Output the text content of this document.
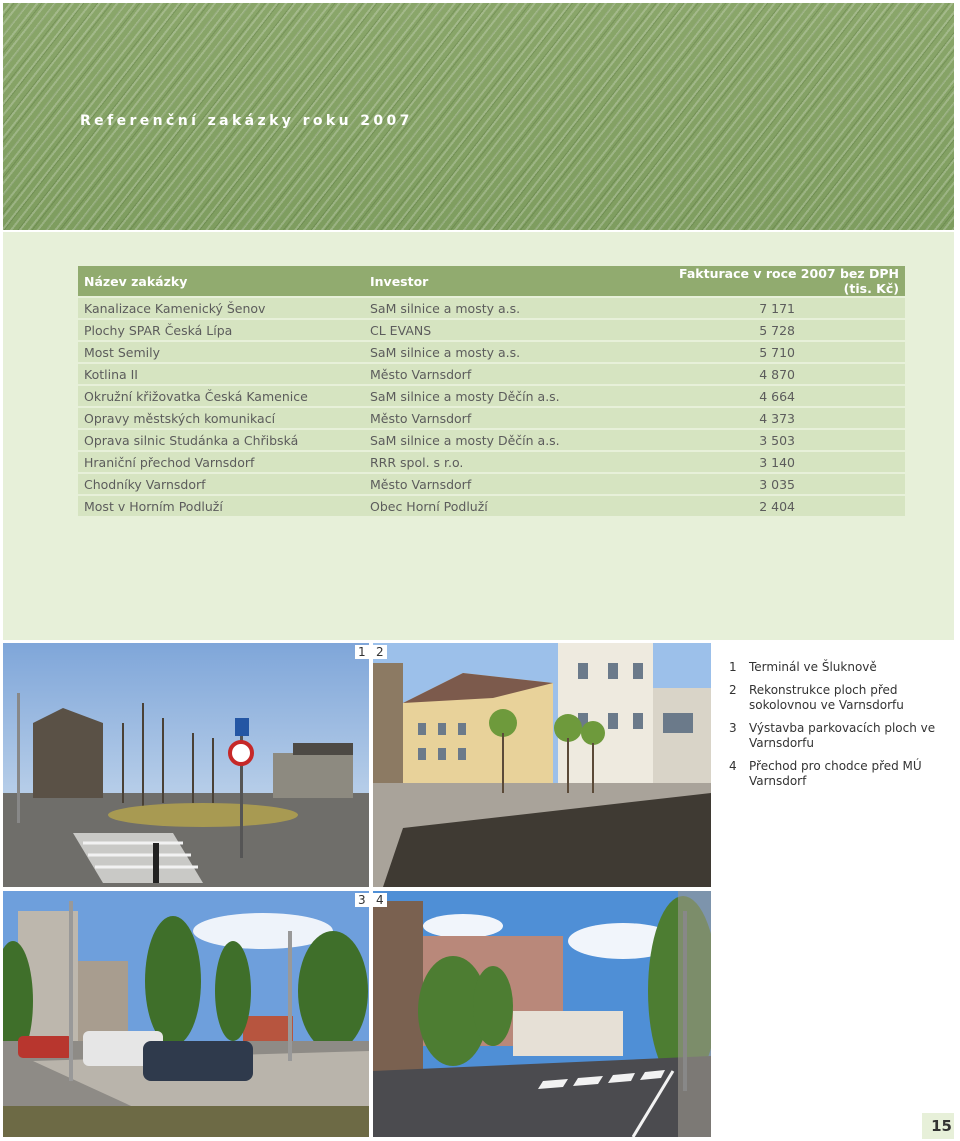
Referenční zakázky roku 2007
Název zakázky	Investor	Fakturace v roce 2007 bez DPH (tis. Kč)
Kanalizace Kamenický Šenov	SaM silnice a mosty a.s.	7 171
Plochy SPAR Česká Lípa	CL EVANS	5 728
Most Semily	SaM silnice a mosty a.s.	5 710
Kotlina II	Město Varnsdorf	4 870
Okružní křižovatka Česká Kamenice	SaM silnice a mosty Děčín a.s.	4 664
Opravy městských komunikací	Město Varnsdorf	4 373
Oprava silnic Studánka a Chřibská	SaM silnice a mosty Děčín a.s.	3 503
Hraniční přechod Varnsdorf	RRR spol. s r.o.	3 140
Chodníky Varnsdorf	Město Varnsdorf	3 035
Most v Horním Podluží	Obec Horní Podluží	2 404
1 2
3 4
1	Terminál ve Šluknově
2	Rekonstrukce ploch před sokolovnou ve Varnsdorfu
3	Výstavba parkovacích ploch ve Varnsdorfu
4	Přechod pro chodce před MÚ Varnsdorf
15
